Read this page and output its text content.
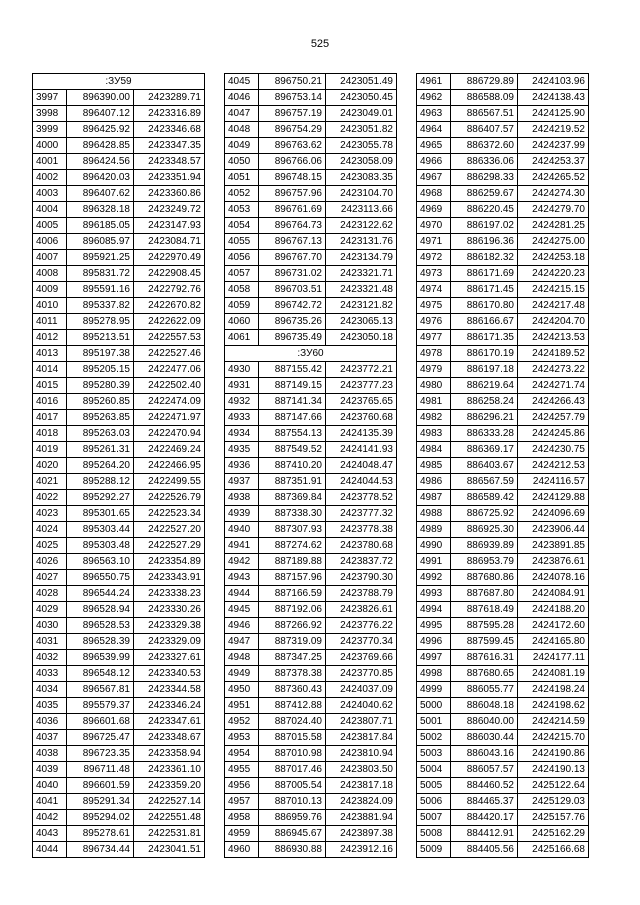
525
:ЗУ59		
3997	896390.00	2423289.71
3998	896407.12	2423316.89
3999	896425.92	2423346.68
4000	896428.85	2423347.35
4001	896424.56	2423348.57
4002	896420.03	2423351.94
4003	896407.62	2423360.86
4004	896328.18	2423249.72
4005	896185.05	2423147.93
4006	896085.97	2423084.71
4007	895921.25	2422970.49
4008	895831.72	2422908.45
4009	895591.16	2422792.76
4010	895337.82	2422670.82
4011	895278.95	2422622.09
4012	895213.51	2422557.53
4013	895197.38	2422527.46
4014	895205.15	2422477.06
4015	895280.39	2422502.40
4016	895260.85	2422474.09
4017	895263.85	2422471.97
4018	895263.03	2422470.94
4019	895261.31	2422469.24
4020	895264.20	2422466.95
4021	895288.12	2422499.55
4022	895292.27	2422526.79
4023	895301.65	2422523.34
4024	895303.44	2422527.20
4025	895303.48	2422527.29
4026	896563.10	2423354.89
4027	896550.75	2423343.91
4028	896544.24	2423338.23
4029	896528.94	2423330.26
4030	896528.53	2423329.38
4031	896528.39	2423329.09
4032	896539.99	2423327.61
4033	896548.12	2423340.53
4034	896567.81	2423344.58
4035	895579.37	2423346.24
4036	896601.68	2423347.61
4037	896725.47	2423348.67
4038	896723.35	2423358.94
4039	896711.48	2423361.10
4040	896601.59	2423359.20
4041	895291.34	2422527.14
4042	895294.02	2422551.48
4043	895278.61	2422531.81
4044	896734.44	2423041.51
4045	896750.21	2423051.49
4046	896753.14	2423050.45
4047	896757.19	2423049.01
4048	896754.29	2423051.82
4049	896763.62	2423055.78
4050	896766.06	2423058.09
4051	896748.15	2423083.35
4052	896757.96	2423104.70
4053	896761.69	2423113.66
4054	896764.73	2423122.62
4055	896767.13	2423131.76
4056	896767.70	2423134.79
4057	896731.02	2423321.71
4058	896703.51	2423321.48
4059	896742.72	2423121.82
4060	896735.26	2423065.13
4061	896735.49	2423050.18
:ЗУ60		
4930	887155.42	2423772.21
4931	887149.15	2423777.23
4932	887141.34	2423765.65
4933	887147.66	2423760.68
4934	887554.13	2424135.39
4935	887549.52	2424141.93
4936	887410.20	2424048.47
4937	887351.91	2424044.53
4938	887369.84	2423778.52
4939	887338.30	2423777.32
4940	887307.93	2423778.38
4941	887274.62	2423780.68
4942	887189.88	2423837.72
4943	887157.96	2423790.30
4944	887166.59	2423788.79
4945	887192.06	2423826.61
4946	887266.92	2423776.22
4947	887319.09	2423770.34
4948	887347.25	2423769.66
4949	887378.38	2423770.85
4950	887360.43	2424037.09
4951	887412.88	2424040.62
4952	887024.40	2423807.71
4953	887015.58	2423817.84
4954	887010.98	2423810.94
4955	887017.46	2423803.50
4956	887005.54	2423817.18
4957	887010.13	2423824.09
4958	886959.76	2423881.94
4959	886945.67	2423897.38
4960	886930.88	2423912.16
4961	886729.89	2424103.96
4962	886588.09	2424138.43
4963	886567.51	2424125.90
4964	886407.57	2424219.52
4965	886372.60	2424237.99
4966	886336.06	2424253.37
4967	886298.33	2424265.52
4968	886259.67	2424274.30
4969	886220.45	2424279.70
4970	886197.02	2424281.25
4971	886196.36	2424275.00
4972	886182.32	2424253.18
4973	886171.69	2424220.23
4974	886171.45	2424215.15
4975	886170.80	2424217.48
4976	886166.67	2424204.70
4977	886171.35	2424213.53
4978	886170.19	2424189.52
4979	886197.18	2424273.22
4980	886219.64	2424271.74
4981	886258.24	2424266.43
4982	886296.21	2424257.79
4983	886333.28	2424245.86
4984	886369.17	2424230.75
4985	886403.67	2424212.53
4986	886567.59	2424116.57
4987	886589.42	2424129.88
4988	886725.92	2424096.69
4989	886925.30	2423906.44
4990	886939.89	2423891.85
4991	886953.79	2423876.61
4992	887680.86	2424078.16
4993	887687.80	2424084.91
4994	887618.49	2424188.20
4995	887595.28	2424172.60
4996	887599.45	2424165.80
4997	887616.31	2424177.11
4998	887680.65	2424081.19
4999	886055.77	2424198.24
5000	886048.18	2424198.62
5001	886040.00	2424214.59
5002	886030.44	2424215.70
5003	886043.16	2424190.86
5004	886057.57	2424190.13
5005	884460.52	2425122.64
5006	884465.37	2425129.03
5007	884420.17	2425157.76
5008	884412.91	2425162.29
5009	884405.56	2425166.68
